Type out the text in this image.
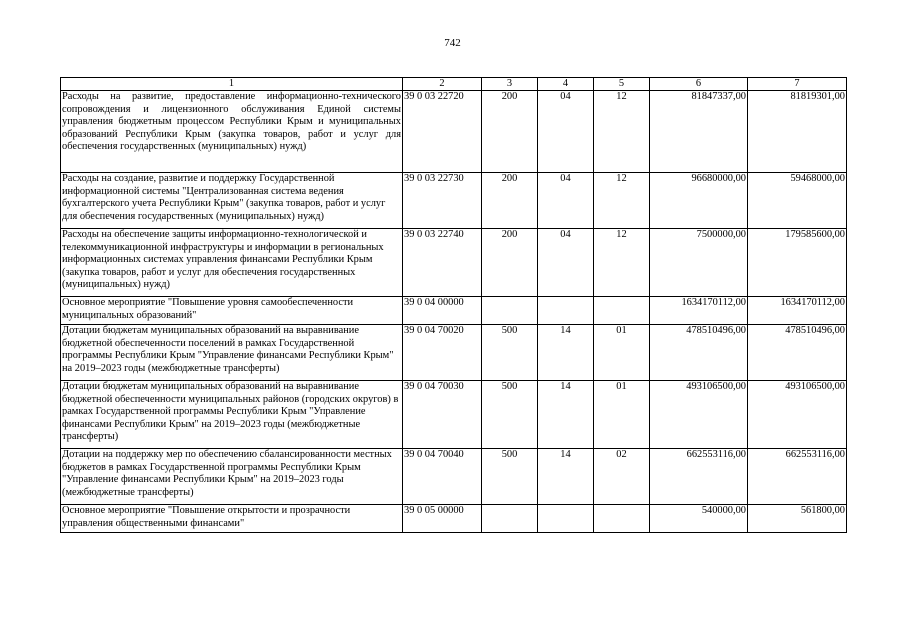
742
1	2	3	4	5	6	7
Расходы на развитие, предоставление информационно-технического сопровождения и лицензионного обслуживания Единой системы управления бюджетным процессом Республики Крым и муниципальных образований Республики Крым (закупка товаров, работ и услуг для обеспечения государственных (муниципальных) нужд)	39 0 03 22720	200	04	12	81847337,00	81819301,00
Расходы на создание, развитие и поддержку Государственной информационной системы "Централизованная система ведения бухгалтерского учета Республики Крым" (закупка товаров, работ и услуг для обеспечения государственных (муниципальных) нужд)	39 0 03 22730	200	04	12	96680000,00	59468000,00
Расходы на обеспечение защиты информационно-технологической и телекоммуникационной инфраструктуры и информации в региональных информационных системах управления финансами Республики Крым (закупка товаров, работ и услуг для обеспечения государственных (муниципальных) нужд)	39 0 03 22740	200	04	12	7500000,00	179585600,00
Основное мероприятие "Повышение уровня самообеспеченности муниципальных образований"	39 0 04 00000				1634170112,00	1634170112,00
Дотации бюджетам муниципальных образований на выравнивание бюджетной обеспеченности поселений в рамках Государственной программы Республики Крым "Управление финансами Республики Крым" на 2019–2023 годы (межбюджетные трансферты)	39 0 04 70020	500	14	01	478510496,00	478510496,00
Дотации бюджетам муниципальных образований на выравнивание бюджетной обеспеченности муниципальных районов (городских округов) в рамках Государственной программы Республики Крым "Управление финансами Республики Крым" на 2019–2023 годы (межбюджетные трансферты)	39 0 04 70030	500	14	01	493106500,00	493106500,00
Дотации на поддержку мер по обеспечению сбалансированности местных бюджетов в рамках Государственной программы Республики Крым "Управление финансами Республики Крым" на 2019–2023 годы (межбюджетные трансферты)	39 0 04 70040	500	14	02	662553116,00	662553116,00
Основное мероприятие "Повышение открытости и прозрачности управления общественными финансами"	39 0 05 00000				540000,00	561800,00
